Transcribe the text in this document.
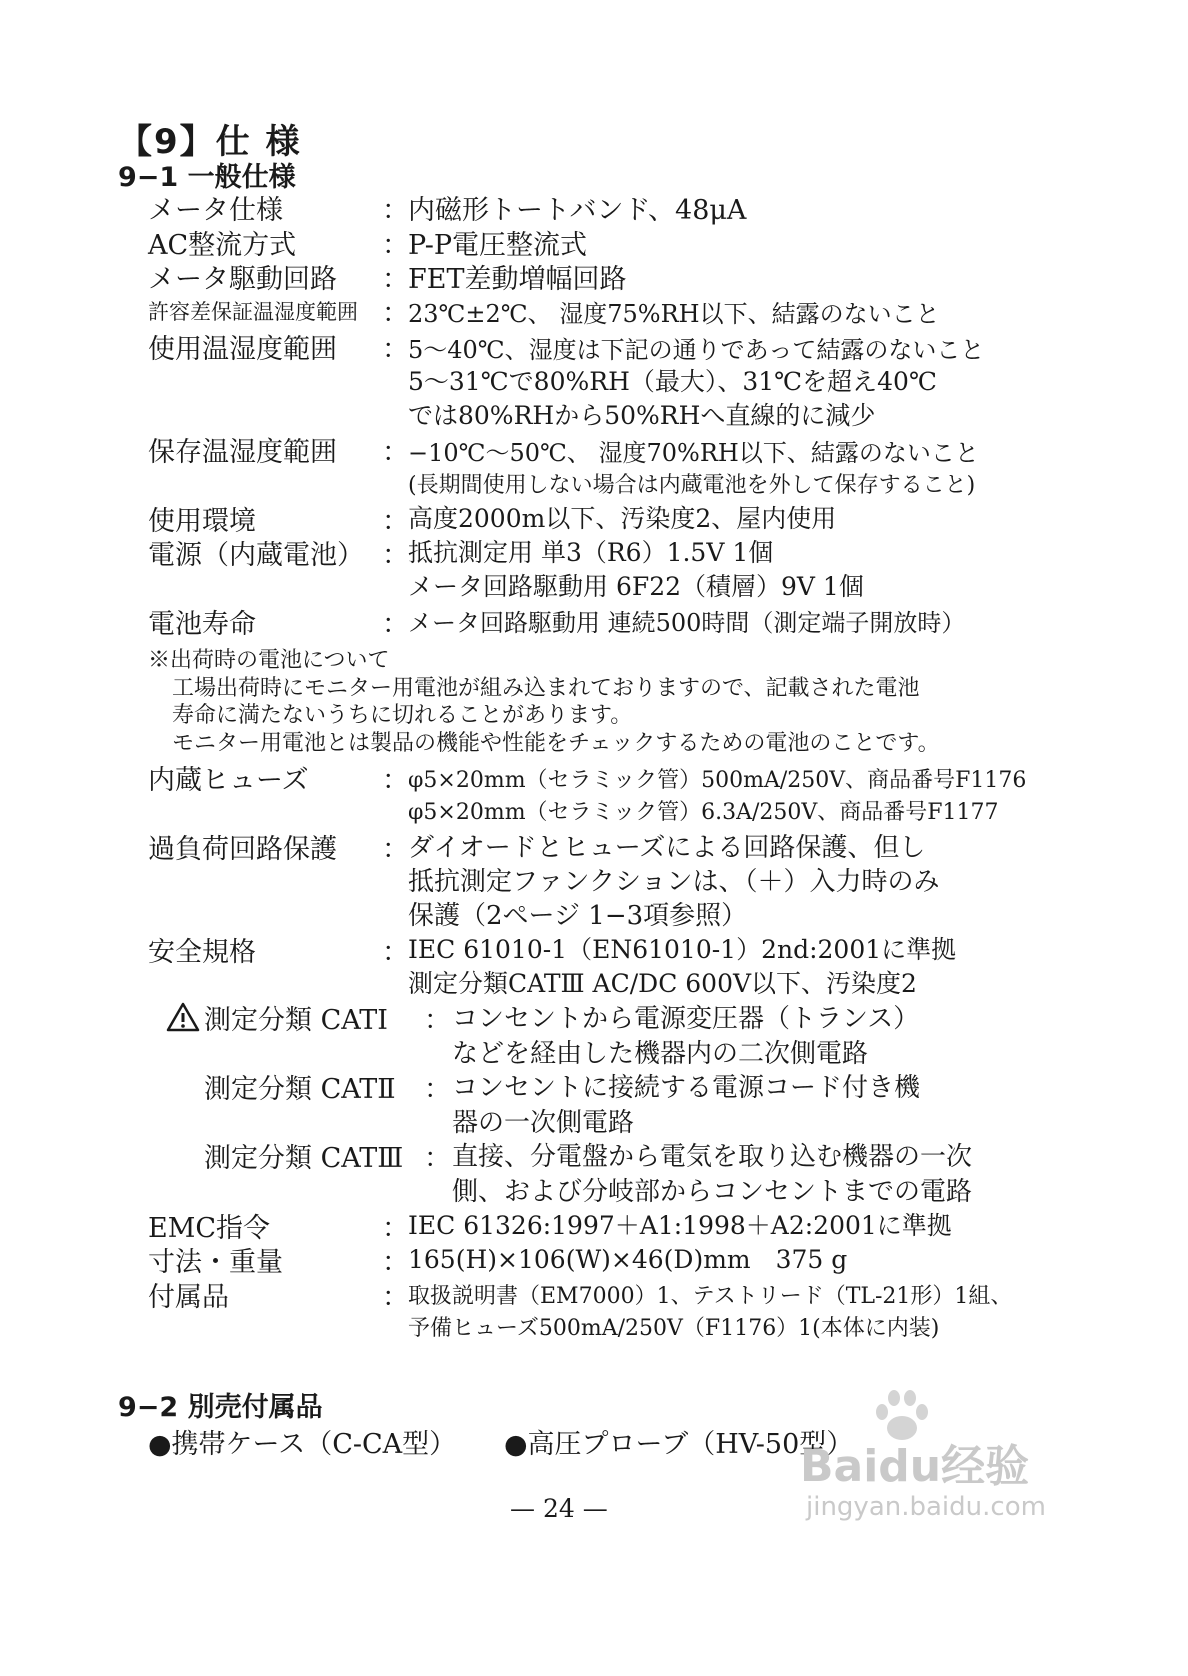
【9】仕 様
9−1 一般仕様
メータ仕様	： 内磁形トートバンド、48μA
AC整流方式	： P-P電圧整流式
メータ駆動回路 ： FET差動増幅回路
許容差保証温湿度範囲 ： 23℃±2℃、 湿度75%RH以下、結露のないこと
使用温湿度範囲 ： 5〜40℃、湿度は下記の通りであって結露のないこと
5〜31℃で80%RH（最大）、31℃を超え40℃
では80%RHから50%RHへ直線的に減少
保存温湿度範囲 ： −10℃〜50℃、 湿度70%RH以下、結露のないこと
(長期間使用しない場合は内蔵電池を外して保存すること)
使用環境	： 高度2000m以下、汚染度2、屋内使用
電源（内蔵電池） ： 抵抗測定用 単3（R6）1.5V 1個
メータ回路駆動用 6F22（積層）9V 1個
電池寿命	： メータ回路駆動用 連続500時間（測定端子開放時）
※出荷時の電池について
工場出荷時にモニター用電池が組み込まれておりますので、記載された電池
寿命に満たないうちに切れることがあります。
モニター用電池とは製品の機能や性能をチェックするための電池のことです。
内蔵ヒューズ	： φ5×20mm（セラミック管）500mA/250V、商品番号F1176
φ5×20mm（セラミック管）6.3A/250V、商品番号F1177
過負荷回路保護 ： ダイオードとヒューズによる回路保護、但し
抵抗測定ファンクションは、（＋）入力時のみ
保護（2ページ 1−3項参照）
安全規格	： IEC 61010-1（EN61010-1）2nd:2001に準拠
測定分類CATⅢ AC/DC 600V以下、汚染度2
測定分類 CATⅠ ： コンセントから電源変圧器（トランス）
などを経由した機器内の二次側電路
測定分類 CATⅡ ： コンセントに接続する電源コード付き機
器の一次側電路
測定分類 CATⅢ ： 直接、分電盤から電気を取り込む機器の一次
側、および分岐部からコンセントまでの電路
EMC指令	： IEC 61326:1997＋A1:1998＋A2:2001に準拠
寸法・重量	： 165(H)×106(W)×46(D)mm　375 g
付属品	： 取扱説明書（EM7000）1、テストリード（TL-21形）1組、
予備ヒューズ500mA/250V（F1176）1(本体に内装)
9−2 別売付属品
●携帯ケース（C-CA型） ●高圧プローブ（HV-50型）
— 24 —
Baidu经验
jingyan.baidu.com
